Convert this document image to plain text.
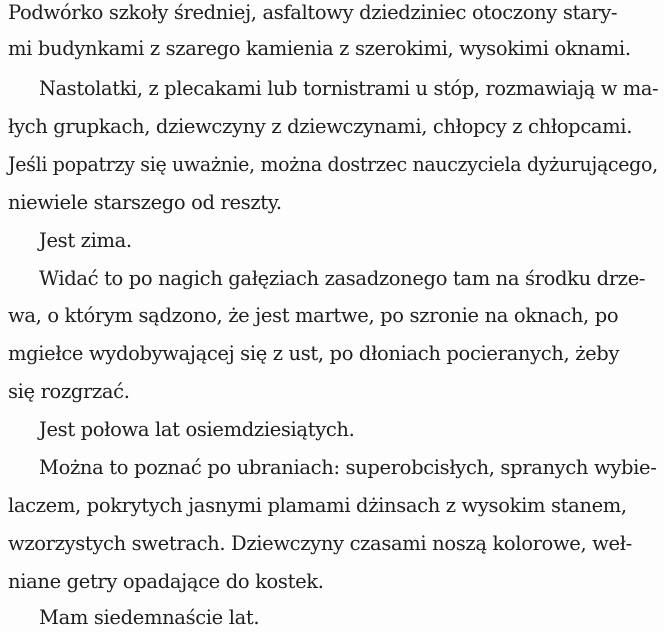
Podwórko szkoły średniej, asfaltowy dziedziniec otoczony stary-
mi budynkami z szarego kamienia z szerokimi, wysokimi oknami.
Nastolatki, z plecakami lub tornistrami u stóp, rozmawiają w ma-
łych grupkach, dziewczyny z dziewczynami, chłopcy z chłopcami.
Jeśli popatrzy się uważnie, można dostrzec nauczyciela dyżurującego,
niewiele starszego od reszty.
Jest zima.
Widać to po nagich gałęziach zasadzonego tam na środku drze-
wa, o którym sądzono, że jest martwe, po szronie na oknach, po
mgiełce wydobywającej się z ust, po dłoniach pocieranych, żeby
się rozgrzać.
Jest połowa lat osiemdziesiątych.
Można to poznać po ubraniach: superobcisłych, spranych wybie-
laczem, pokrytych jasnymi plamami dżinsach z wysokim stanem,
wzorzystych swetrach. Dziewczyny czasami noszą kolorowe, weł-
niane getry opadające do kostek.
Mam siedemnaście lat.
